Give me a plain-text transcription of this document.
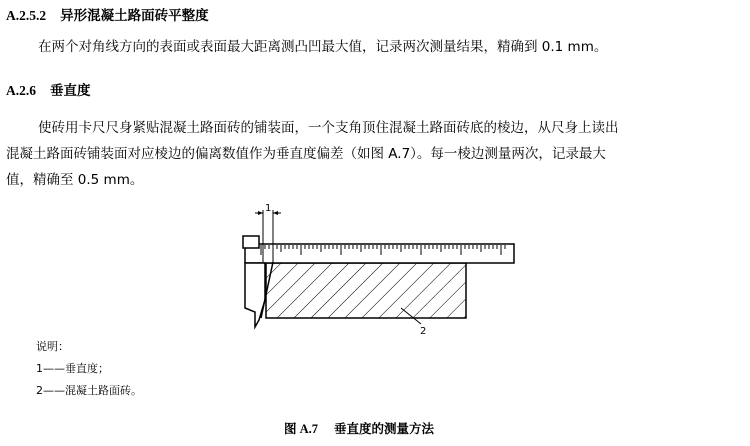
A.2.5.2 异形混凝土路面砖平整度
在两个对角线方向的表面或表面最大距离测凸凹最大值，记录两次测量结果，精确到 0.1 mm。
A.2.6 垂直度
使砖用卡尺尺身紧贴混凝土路面砖的铺装面，一个支角顶住混凝土路面砖底的棱边，从尺身上读出
混凝土路面砖铺装面对应棱边的偏离数值作为垂直度偏差（如图 A.7）。每一棱边测量两次，记录最大
值，精确至 0.5 mm。
1
2
说明：
1——垂直度；
2——混凝土路面砖。
图 A.7 垂直度的测量方法
